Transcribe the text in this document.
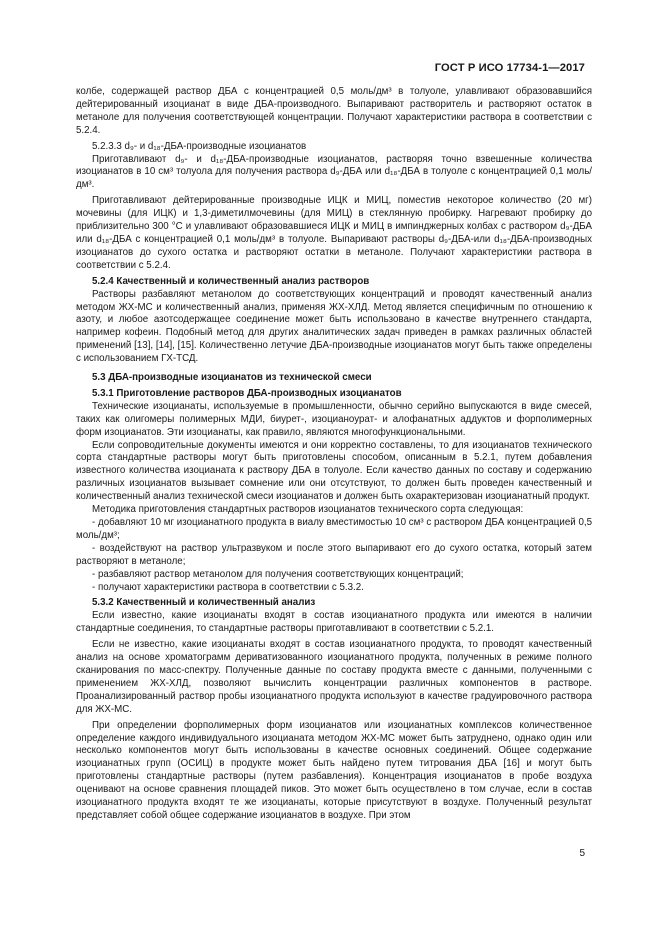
ГОСТ Р ИСО 17734-1—2017

колбе, содержащей раствор ДБА с концентрацией 0,5 моль/дм³ в толуоле, улавливают образовавшийся дейтерированный изоцианат в виде ДБА-производного. Выпаривают растворитель и растворяют остаток в метаноле для получения соответствующей концентрации. Получают характеристики раствора в соответствии с 5.2.4.

5.2.3.3 d₉- и d₁₈-ДБА-производные изоцианатов

Приготавливают d₉- и d₁₈-ДБА-производные изоцианатов, растворяя точно взвешенные количества изоцианатов в 10 см³ толуола для получения раствора d₉-ДБА или d₁₈-ДБА в толуоле с концентрацией 0,1 моль/дм³.

Приготавливают дейтерированные производные ИЦК и МИЦ, поместив некоторое количество (20 мг) мочевины (для ИЦК) и 1,3-диметилмочевины (для МИЦ) в стеклянную пробирку. Нагревают пробирку до приблизительно 300 °С и улавливают образовавшиеся ИЦК и МИЦ в импинджерных колбах с раствором d₉-ДБА или d₁₈-ДБА с концентрацией 0,1 моль/дм³ в толуоле. Выпаривают растворы d₉-ДБА-или d₁₈-ДБА-производных изоцианатов до сухого остатка и растворяют остатки в метаноле. Получают характеристики раствора в соответствии с 5.2.4.

5.2.4 Качественный и количественный анализ растворов

Растворы разбавляют метанолом до соответствующих концентраций и проводят качественный анализ методом ЖХ-МС и количественный анализ, применяя ЖХ-ХЛД. Метод является специфичным по отношению к азоту, и любое азотсодержащее соединение может быть использовано в качестве внутреннего стандарта, например кофеин. Подобный метод для других аналитических задач приведен в рамках различных областей применений [13], [14], [15]. Количественно летучие ДБА-производные изоцианатов могут быть также определены с использованием ГХ-ТСД.

5.3 ДБА-производные изоцианатов из технической смеси

5.3.1 Приготовление растворов ДБА-производных изоцианатов

Технические изоцианаты, используемые в промышленности, обычно серийно выпускаются в виде смесей, таких как олигомеры полимерных МДИ, биурет-, изоцианоурат- и алофанатных аддуктов и форполимерных форм изоцианатов. Эти изоцианаты, как правило, являются многофункциональными.

Если сопроводительные документы имеются и они корректно составлены, то для изоцианатов технического сорта стандартные растворы могут быть приготовлены способом, описанным в 5.2.1, путем добавления известного количества изоцианата к раствору ДБА в толуоле. Если качество данных по составу и содержанию различных изоцианатов вызывает сомнение или они отсутствуют, то должен быть проведен качественный и количественный анализ технической смеси изоцианатов и должен быть охарактеризован изоцианатный продукт.

Методика приготовления стандартных растворов изоцианатов технического сорта следующая:

- добавляют 10 мг изоцианатного продукта в виалу вместимостью 10 см³ с раствором ДБА концентрацией 0,5 моль/дм³;

- воздействуют на раствор ультразвуком и после этого выпаривают его до сухого остатка, который затем растворяют в метаноле;

- разбавляют раствор метанолом для получения соответствующих концентраций;

- получают характеристики раствора в соответствии с 5.3.2.

5.3.2 Качественный и количественный анализ

Если известно, какие изоцианаты входят в состав изоцианатного продукта или имеются в наличии стандартные соединения, то стандартные растворы приготавливают в соответствии с 5.2.1.

Если не известно, какие изоцианаты входят в состав изоцианатного продукта, то проводят качественный анализ на основе хроматограмм дериватизованного изоцианатного продукта, полученных в режиме полного сканирования по масс-спектру. Полученные данные по составу продукта вместе с данными, полученными с применением ЖХ-ХЛД, позволяют вычислить концентрации различных компонентов в растворе. Проанализированный раствор пробы изоцианатного продукта используют в качестве градуировочного раствора для ЖХ-МС.

При определении форполимерных форм изоцианатов или изоцианатных комплексов количественное определение каждого индивидуального изоцианата методом ЖХ-МС может быть затруднено, однако один или несколько компонентов могут быть использованы в качестве основных соединений. Общее содержание изоцианатных групп (ОСИЦ) в продукте может быть найдено путем титрования ДБА [16] и могут быть приготовлены стандартные растворы (путем разбавления). Концентрация изоцианатов в пробе воздуха оценивают на основе сравнения площадей пиков. Это может быть осуществлено в том случае, если в состав изоцианатного продукта входят те же изоцианаты, которые присутствуют в воздухе. Полученный результат представляет собой общее содержание изоцианатов в воздухе. При этом

5
